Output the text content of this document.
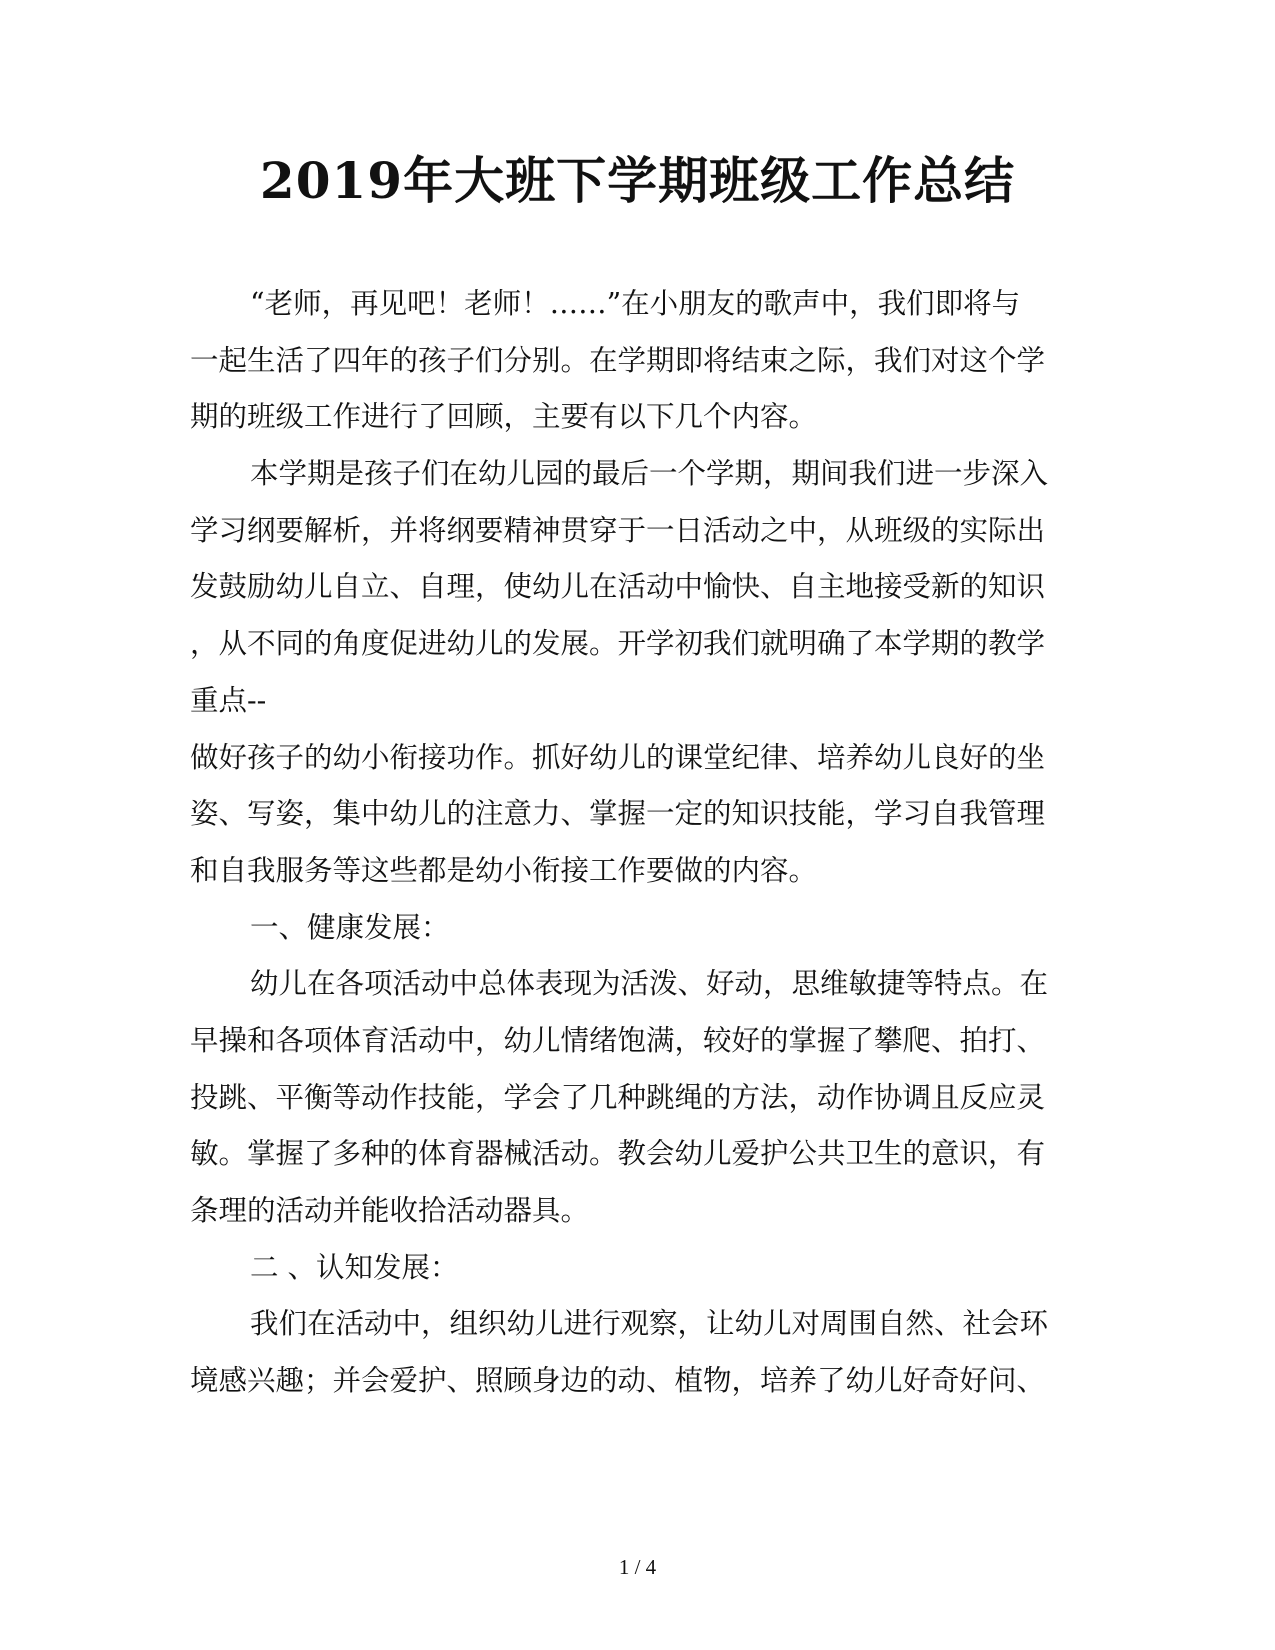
2019年大班下学期班级工作总结
“老师，再见吧！老师！……”在小朋友的歌声中，我们即将与
一起生活了四年的孩子们分别。在学期即将结束之际，我们对这个学
期的班级工作进行了回顾，主要有以下几个内容。
本学期是孩子们在幼儿园的最后一个学期，期间我们进一步深入
学习纲要解析，并将纲要精神贯穿于一日活动之中，从班级的实际出
发鼓励幼儿自立、自理，使幼儿在活动中愉快、自主地接受新的知识
，从不同的角度促进幼儿的发展。开学初我们就明确了本学期的教学
重点--
做好孩子的幼小衔接功作。抓好幼儿的课堂纪律、培养幼儿良好的坐
姿、写姿，集中幼儿的注意力、掌握一定的知识技能，学习自我管理
和自我服务等这些都是幼小衔接工作要做的内容。
一、健康发展：
幼儿在各项活动中总体表现为活泼、好动，思维敏捷等特点。在
早操和各项体育活动中，幼儿情绪饱满，较好的掌握了攀爬、拍打、
投跳、平衡等动作技能，学会了几种跳绳的方法，动作协调且反应灵
敏。掌握了多种的体育器械活动。教会幼儿爱护公共卫生的意识，有
条理的活动并能收拾活动器具。
二 、认知发展：
我们在活动中，组织幼儿进行观察，让幼儿对周围自然、社会环
境感兴趣；并会爱护、照顾身边的动、植物，培养了幼儿好奇好问、
1 / 4
